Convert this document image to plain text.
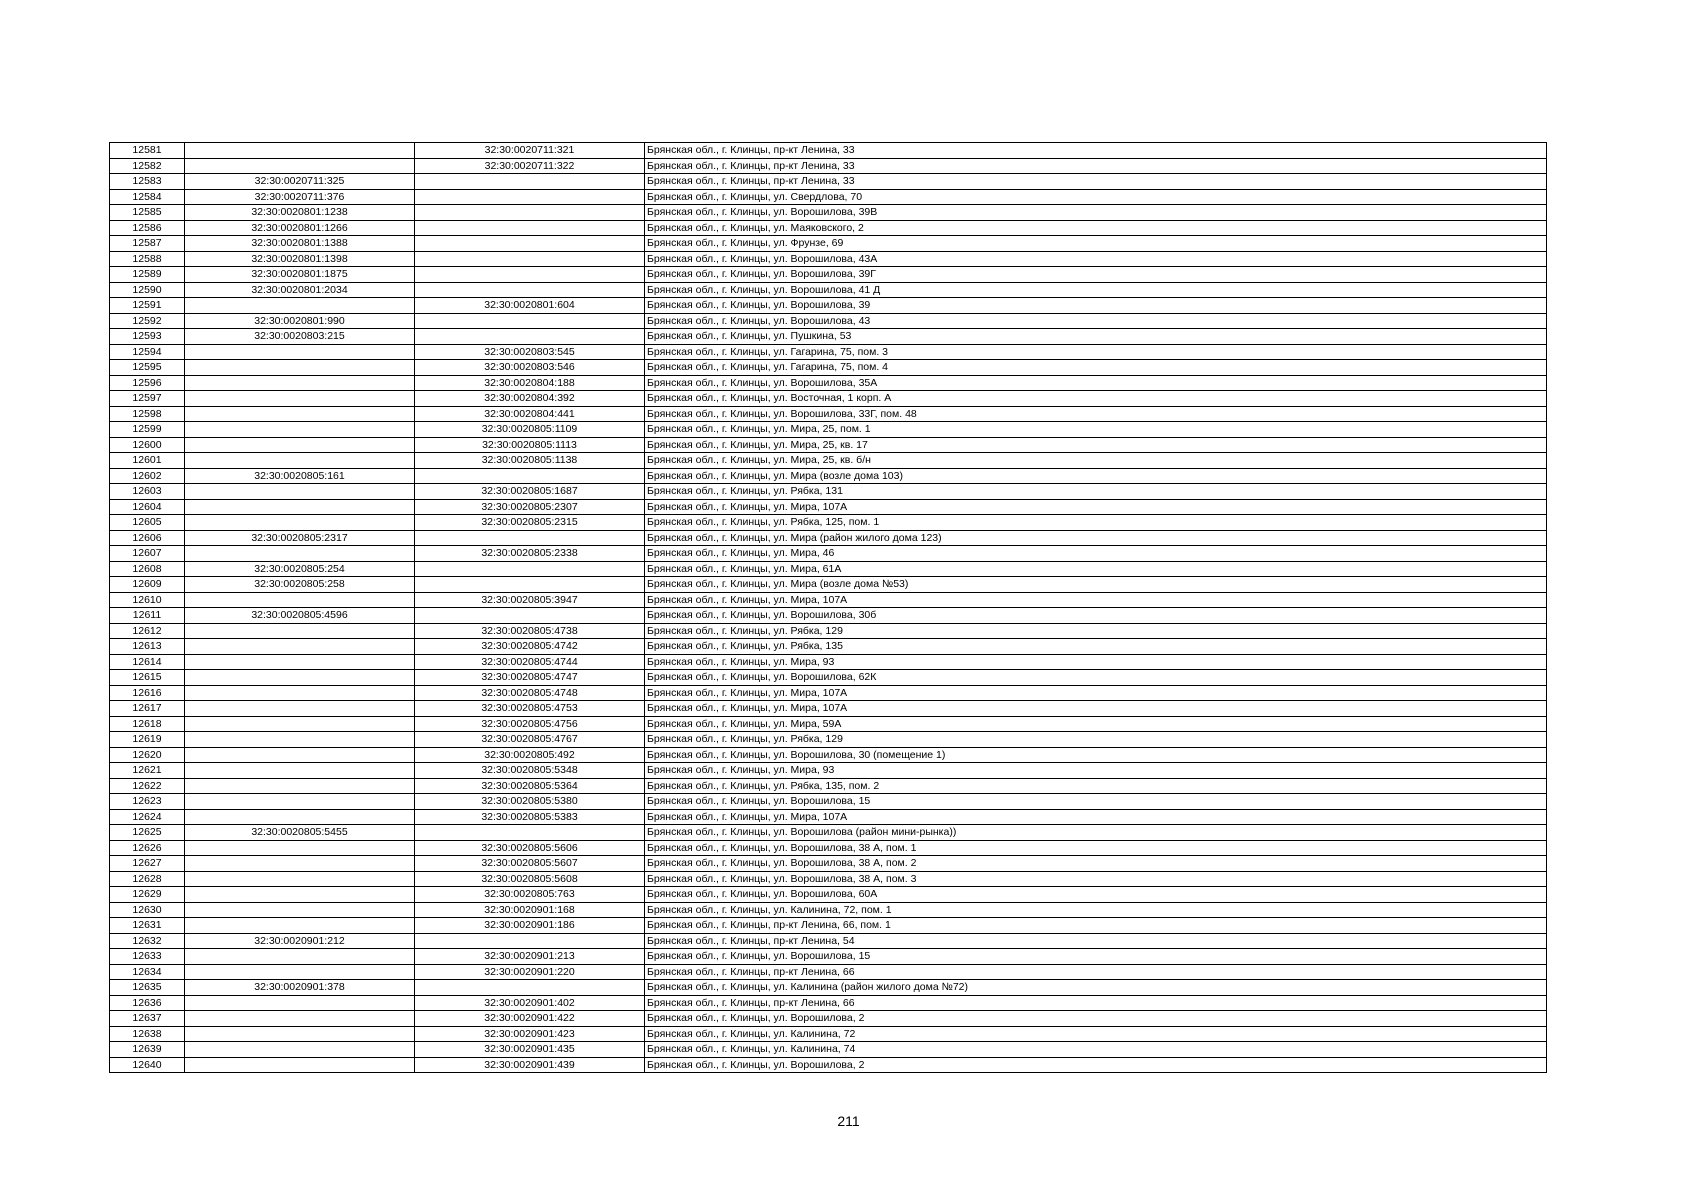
12581		32:30:0020711:321	Брянская обл., г. Клинцы, пр-кт Ленина, 33
12582		32:30:0020711:322	Брянская обл., г. Клинцы, пр-кт Ленина, 33
12583	32:30:0020711:325		Брянская обл., г. Клинцы, пр-кт Ленина, 33
12584	32:30:0020711:376		Брянская обл., г. Клинцы, ул. Свердлова, 70
12585	32:30:0020801:1238		Брянская обл., г. Клинцы, ул. Ворошилова, 39В
12586	32:30:0020801:1266		Брянская обл., г. Клинцы, ул. Маяковского, 2
12587	32:30:0020801:1388		Брянская обл., г. Клинцы, ул. Фрунзе, 69
12588	32:30:0020801:1398		Брянская обл., г. Клинцы, ул. Ворошилова, 43А
12589	32:30:0020801:1875		Брянская обл., г. Клинцы, ул. Ворошилова, 39Г
12590	32:30:0020801:2034		Брянская обл., г. Клинцы, ул. Ворошилова, 41 Д
12591		32:30:0020801:604	Брянская обл., г. Клинцы, ул. Ворошилова, 39
12592	32:30:0020801:990		Брянская обл., г. Клинцы, ул. Ворошилова, 43
12593	32:30:0020803:215		Брянская обл., г. Клинцы, ул. Пушкина, 53
12594		32:30:0020803:545	Брянская обл., г. Клинцы, ул. Гагарина, 75, пом. 3
12595		32:30:0020803:546	Брянская обл., г. Клинцы, ул. Гагарина, 75, пом. 4
12596		32:30:0020804:188	Брянская обл., г. Клинцы, ул. Ворошилова, 35А
12597		32:30:0020804:392	Брянская обл., г. Клинцы, ул. Восточная, 1 корп. А
12598		32:30:0020804:441	Брянская обл., г. Клинцы, ул. Ворошилова, 33Г, пом. 48
12599		32:30:0020805:1109	Брянская обл., г. Клинцы, ул. Мира, 25, пом. 1
12600		32:30:0020805:1113	Брянская обл., г. Клинцы, ул. Мира, 25, кв. 17
12601		32:30:0020805:1138	Брянская обл., г. Клинцы, ул. Мира, 25, кв. б/н
12602	32:30:0020805:161		Брянская обл., г. Клинцы, ул. Мира (возле дома 103)
12603		32:30:0020805:1687	Брянская обл., г. Клинцы, ул. Рябка, 131
12604		32:30:0020805:2307	Брянская обл., г. Клинцы, ул. Мира, 107А
12605		32:30:0020805:2315	Брянская обл., г. Клинцы, ул. Рябка, 125, пом. 1
12606	32:30:0020805:2317		Брянская обл., г. Клинцы, ул. Мира (район жилого дома 123)
12607		32:30:0020805:2338	Брянская обл., г. Клинцы, ул. Мира, 46
12608	32:30:0020805:254		Брянская обл., г. Клинцы, ул. Мира, 61А
12609	32:30:0020805:258		Брянская обл., г. Клинцы, ул. Мира (возле дома №53)
12610		32:30:0020805:3947	Брянская обл., г. Клинцы, ул. Мира, 107А
12611	32:30:0020805:4596		Брянская обл., г. Клинцы, ул. Ворошилова, 30б
12612		32:30:0020805:4738	Брянская обл., г. Клинцы, ул. Рябка, 129
12613		32:30:0020805:4742	Брянская обл., г. Клинцы, ул. Рябка, 135
12614		32:30:0020805:4744	Брянская обл., г. Клинцы, ул. Мира, 93
12615		32:30:0020805:4747	Брянская обл., г. Клинцы, ул. Ворошилова, 62К
12616		32:30:0020805:4748	Брянская обл., г. Клинцы, ул. Мира, 107А
12617		32:30:0020805:4753	Брянская обл., г. Клинцы, ул. Мира, 107А
12618		32:30:0020805:4756	Брянская обл., г. Клинцы, ул. Мира, 59А
12619		32:30:0020805:4767	Брянская обл., г. Клинцы, ул. Рябка, 129
12620		32:30:0020805:492	Брянская обл., г. Клинцы, ул. Ворошилова, 30 (помещение 1)
12621		32:30:0020805:5348	Брянская обл., г. Клинцы, ул. Мира, 93
12622		32:30:0020805:5364	Брянская обл., г. Клинцы, ул. Рябка, 135, пом. 2
12623		32:30:0020805:5380	Брянская обл., г. Клинцы, ул. Ворошилова, 15
12624		32:30:0020805:5383	Брянская обл., г. Клинцы, ул. Мира, 107А
12625	32:30:0020805:5455		Брянская обл., г. Клинцы, ул. Ворошилова (район мини-рынка))
12626		32:30:0020805:5606	Брянская обл., г. Клинцы, ул. Ворошилова, 38 А, пом. 1
12627		32:30:0020805:5607	Брянская обл., г. Клинцы, ул. Ворошилова, 38 А, пом. 2
12628		32:30:0020805:5608	Брянская обл., г. Клинцы, ул. Ворошилова, 38 А, пом. 3
12629		32:30:0020805:763	Брянская обл., г. Клинцы, ул. Ворошилова, 60А
12630		32:30:0020901:168	Брянская обл., г. Клинцы, ул. Калинина, 72, пом. 1
12631		32:30:0020901:186	Брянская обл., г. Клинцы, пр-кт Ленина, 66, пом. 1
12632	32:30:0020901:212		Брянская обл., г. Клинцы, пр-кт Ленина, 54
12633		32:30:0020901:213	Брянская обл., г. Клинцы, ул. Ворошилова, 15
12634		32:30:0020901:220	Брянская обл., г. Клинцы, пр-кт Ленина, 66
12635	32:30:0020901:378		Брянская обл., г. Клинцы, ул. Калинина (район жилого дома №72)
12636		32:30:0020901:402	Брянская обл., г. Клинцы, пр-кт Ленина, 66
12637		32:30:0020901:422	Брянская обл., г. Клинцы, ул. Ворошилова, 2
12638		32:30:0020901:423	Брянская обл., г. Клинцы, ул. Калинина, 72
12639		32:30:0020901:435	Брянская обл., г. Клинцы, ул. Калинина, 74
12640		32:30:0020901:439	Брянская обл., г. Клинцы, ул. Ворошилова, 2
211
